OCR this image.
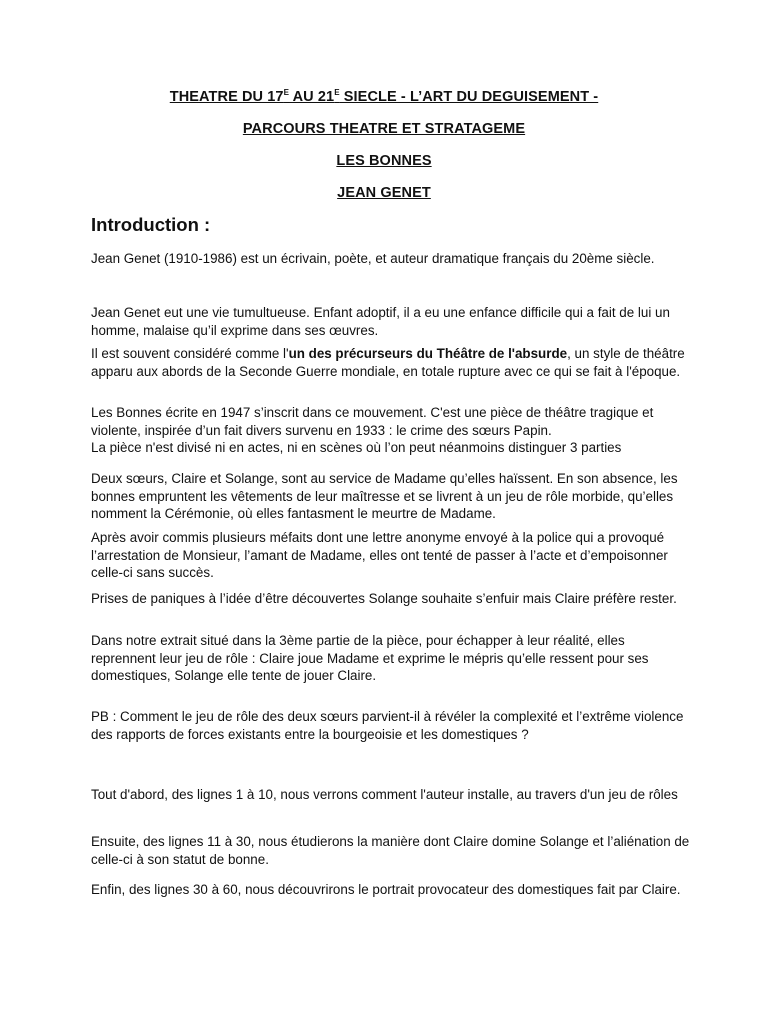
THEATRE DU $17^E$ AU $21^E$ SIECLE - L’ART DU DEGUISEMENT -
PARCOURS THEATRE ET STRATAGEME
LES BONNES
JEAN GENET
Introduction :

Jean Genet (1910-1986) est un écrivain, poète, et auteur dramatique français du 20ème siècle.

Jean Genet eut une vie tumultueuse. Enfant adoptif, il a eu une enfance difficile qui a fait de lui un homme, malaise qu’il exprime dans ses œuvres.

Il est souvent considéré comme l'un des précurseurs du Théâtre de l'absurde, un style de théâtre apparu aux abords de la Seconde Guerre mondiale, en totale rupture avec ce qui se fait à l'époque.

Les Bonnes écrite en 1947 s’inscrit dans ce mouvement. C'est une pièce de théâtre tragique et violente, inspirée d’un fait divers survenu en 1933 : le crime des sœurs Papin.
La pièce n'est divisé ni en actes, ni en scènes où l’on peut néanmoins distinguer 3 parties

Deux sœurs, Claire et Solange, sont au service de Madame qu’elles haïssent. En son absence, les bonnes empruntent les vêtements de leur maîtresse et se livrent à un jeu de rôle morbide, qu’elles nomment la Cérémonie, où elles fantasment le meurtre de Madame.

Après avoir commis plusieurs méfaits dont une lettre anonyme envoyé à la police qui a provoqué l’arrestation de Monsieur, l’amant de Madame, elles ont tenté de passer à l’acte et d’empoisonner celle-ci sans succès.

Prises de paniques à l’idée d’être découvertes Solange souhaite s’enfuir mais Claire préfère rester.

Dans notre extrait situé dans la 3ème partie de la pièce, pour échapper à leur réalité, elles reprennent leur jeu de rôle : Claire joue Madame et exprime le mépris qu’elle ressent pour ses domestiques, Solange elle tente de jouer Claire.

PB : Comment le jeu de rôle des deux sœurs parvient-il à révéler la complexité et l’extrême violence des rapports de forces existants entre la bourgeoisie et les domestiques ?

Tout d'abord, des lignes 1 à 10, nous verrons comment l'auteur installe, au travers d'un jeu de rôles

Ensuite, des lignes 11 à 30, nous étudierons la manière dont Claire domine Solange et l’aliénation de celle-ci à son statut de bonne.

Enfin, des lignes 30 à 60, nous découvrirons le portrait provocateur des domestiques fait par Claire.
